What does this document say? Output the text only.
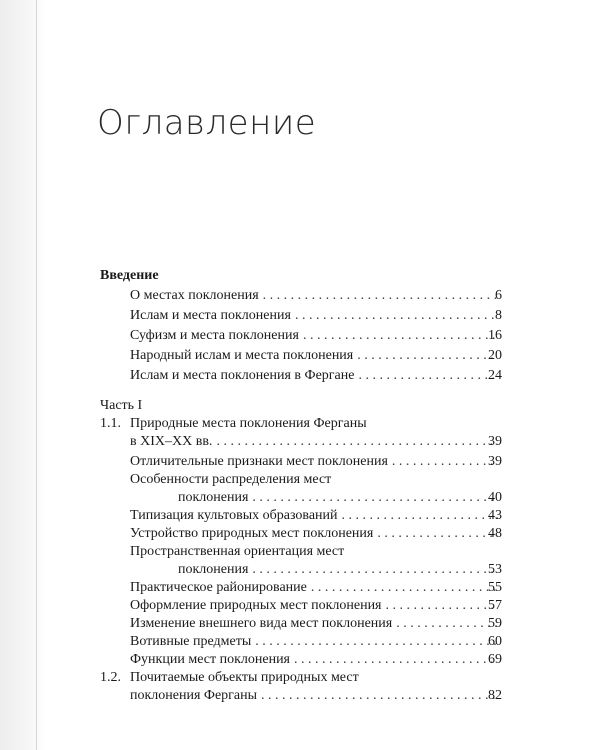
Оглавление
Введение
О местах поклонения . . .	6
Ислам и места поклонения . . .	8
Суфизм и места поклонения . . .	16
Народный ислам и места поклонения . . .	20
Ислам и места поклонения в Фергане . . .	24
Часть I
1.1. Природные места поклонения Ферганы
в XIX–XX вв. . . .	39
Отличительные признаки мест поклонения . . .	39
Особенности распределения мест
поклонения . . .	40
Типизация культовых образований . . .	43
Устройство природных мест поклонения . . .	48
Пространственная ориентация мест
поклонения . . .	53
Практическое районирование . . .	55
Оформление природных мест поклонения . . .	57
Изменение внешнего вида мест поклонения . . .	59
Вотивные предметы . . .	60
Функции мест поклонения . . .	69
1.2. Почитаемые объекты природных мест
поклонения Ферганы . . .	82
